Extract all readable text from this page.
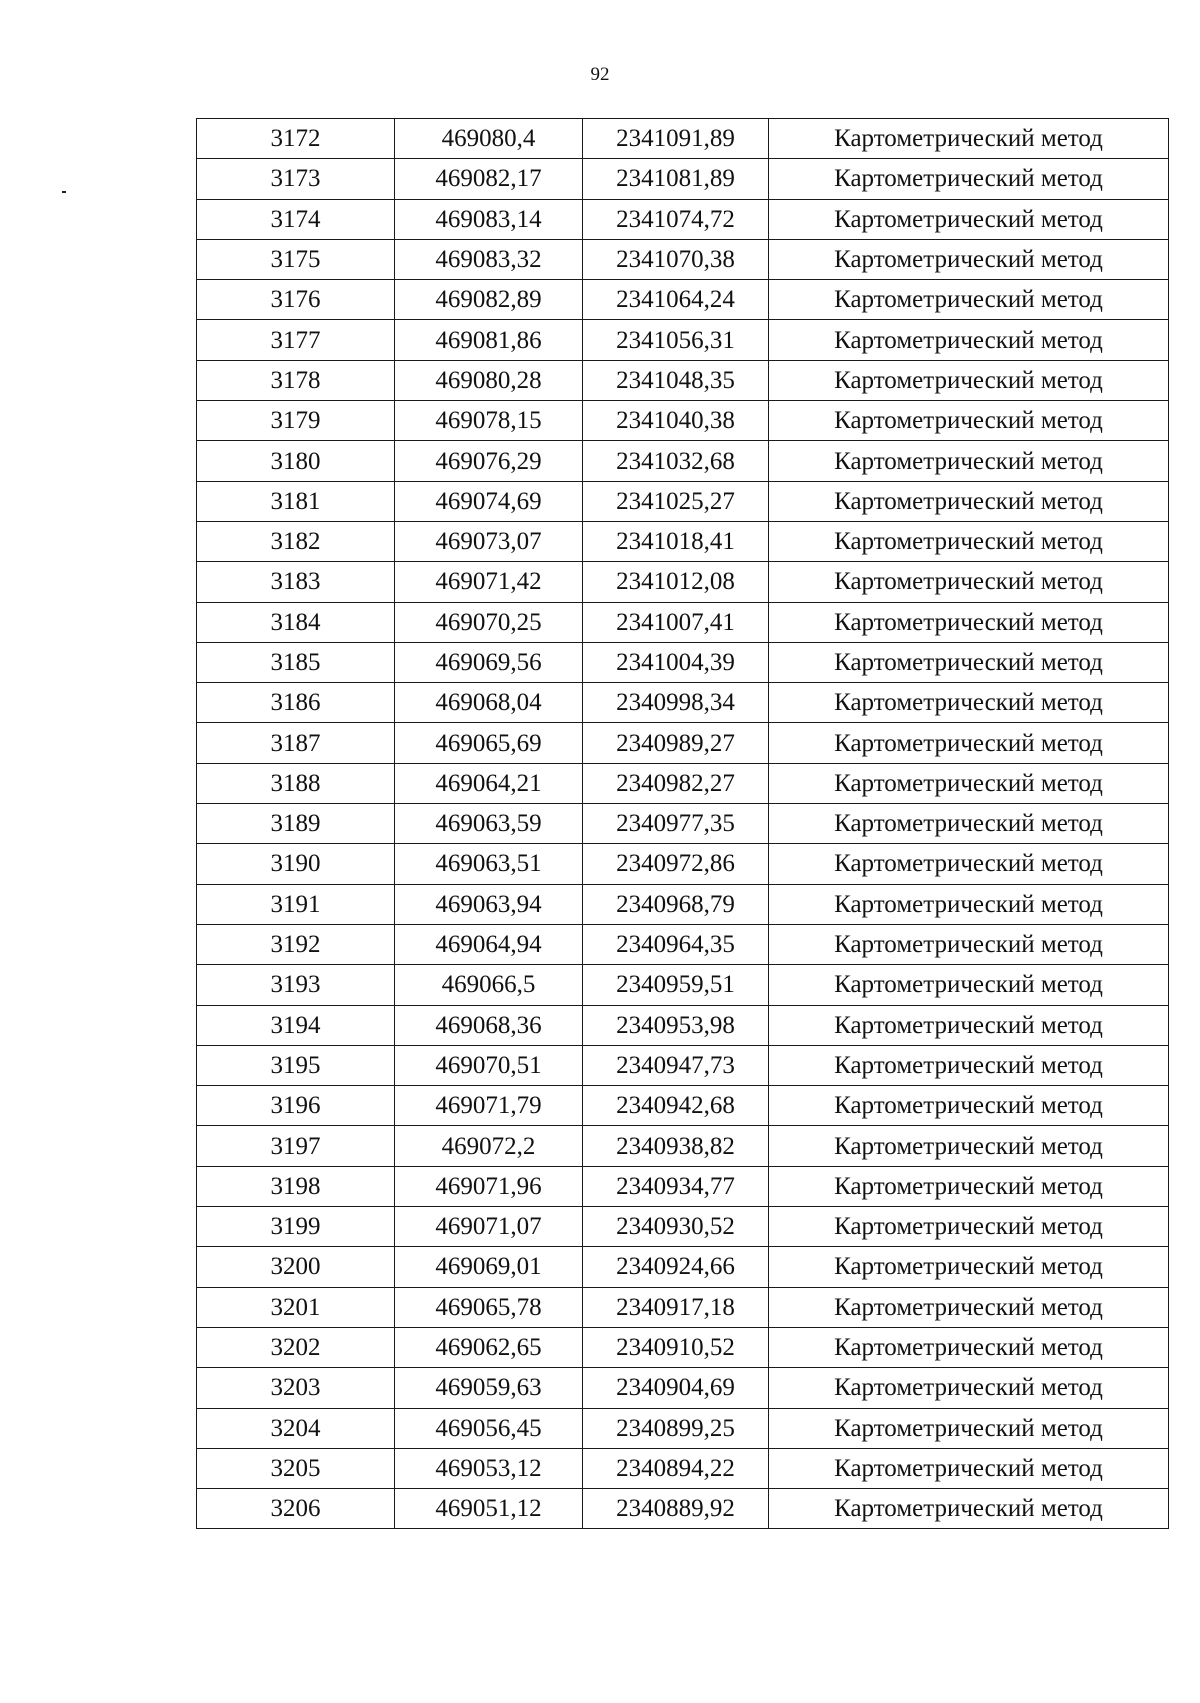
92
3172	469080,4	2341091,89	Картометрический метод
3173	469082,17	2341081,89	Картометрический метод
3174	469083,14	2341074,72	Картометрический метод
3175	469083,32	2341070,38	Картометрический метод
3176	469082,89	2341064,24	Картометрический метод
3177	469081,86	2341056,31	Картометрический метод
3178	469080,28	2341048,35	Картометрический метод
3179	469078,15	2341040,38	Картометрический метод
3180	469076,29	2341032,68	Картометрический метод
3181	469074,69	2341025,27	Картометрический метод
3182	469073,07	2341018,41	Картометрический метод
3183	469071,42	2341012,08	Картометрический метод
3184	469070,25	2341007,41	Картометрический метод
3185	469069,56	2341004,39	Картометрический метод
3186	469068,04	2340998,34	Картометрический метод
3187	469065,69	2340989,27	Картометрический метод
3188	469064,21	2340982,27	Картометрический метод
3189	469063,59	2340977,35	Картометрический метод
3190	469063,51	2340972,86	Картометрический метод
3191	469063,94	2340968,79	Картометрический метод
3192	469064,94	2340964,35	Картометрический метод
3193	469066,5	2340959,51	Картометрический метод
3194	469068,36	2340953,98	Картометрический метод
3195	469070,51	2340947,73	Картометрический метод
3196	469071,79	2340942,68	Картометрический метод
3197	469072,2	2340938,82	Картометрический метод
3198	469071,96	2340934,77	Картометрический метод
3199	469071,07	2340930,52	Картометрический метод
3200	469069,01	2340924,66	Картометрический метод
3201	469065,78	2340917,18	Картометрический метод
3202	469062,65	2340910,52	Картометрический метод
3203	469059,63	2340904,69	Картометрический метод
3204	469056,45	2340899,25	Картометрический метод
3205	469053,12	2340894,22	Картометрический метод
3206	469051,12	2340889,92	Картометрический метод
